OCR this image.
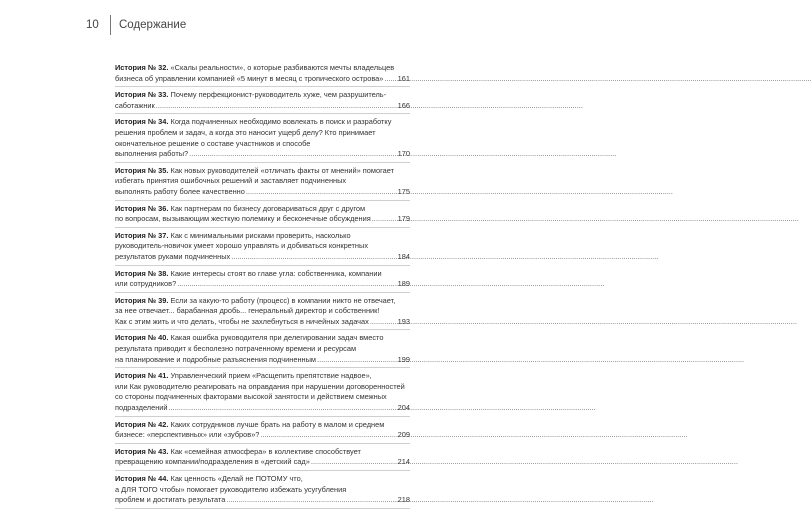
10	Содержание
История № 32. «Скалы реальности», о которые разбиваются мечты владельцев
бизнеса об управлении компанией «5 минут в месяц с тропического острова» ..... 161
История № 33. Почему перфекционист-руководитель хуже, чем разрушитель-
саботажник .....	166
История № 34. Когда подчиненных необходимо вовлекать в поиск и разработку
решения проблем и задач, а когда это наносит ущерб делу? Кто принимает
окончательное решение о составе участников и способе
выполнения работы? .....	170
История № 35. Как новых руководителей «отличать факты от мнений» помогает
избегать принятия ошибочных решений и заставляет подчиненных
выполнять работу более качественно .....	175
История № 36. Как партнерам по бизнесу договариваться друг с другом
по вопросам, вызывающим жесткую полемику и бесконечные обсуждения .....	179
История № 37. Как с минимальными рисками проверить, насколько
руководитель-новичок умеет хорошо управлять и добиваться конкретных
результатов руками подчиненных .....	184
История № 38. Какие интересы стоят во главе угла: собственника, компании
или сотрудников? .....	189
История № 39. Если за какую-то работу (процесс) в компании никто не отвечает,
за нее отвечает... барабанная дробь... генеральный директор и собственник!
Как с этим жить и что делать, чтобы не захлебнуться в ничейных задачах .....	193
История № 40. Какая ошибка руководителя при делегировании задач вместо
результата приводит к бесполезно потраченному времени и ресурсам
на планирование и подробные разъяснения подчиненным .....	199
История № 41. Управленческий прием «Расщепить препятствие надвое»,
или Как руководителю реагировать на оправдания при нарушении договоренностей
со стороны подчиненных факторами высокой занятости и действием смежных
подразделений .....	204
История № 42. Каких сотрудников лучше брать на работу в малом и среднем
бизнесе: «перспективных» или «зубров»? .....	209
История № 43. Как «семейная атмосфера» в коллективе способствует
превращению компании/подразделения в «детский сад» .....	214
История № 44. Как ценность «Делай не ПОТОМУ что,
а ДЛЯ ТОГО чтобы» помогает руководителю избежать усугубления
проблем и достигать результата .....	218
